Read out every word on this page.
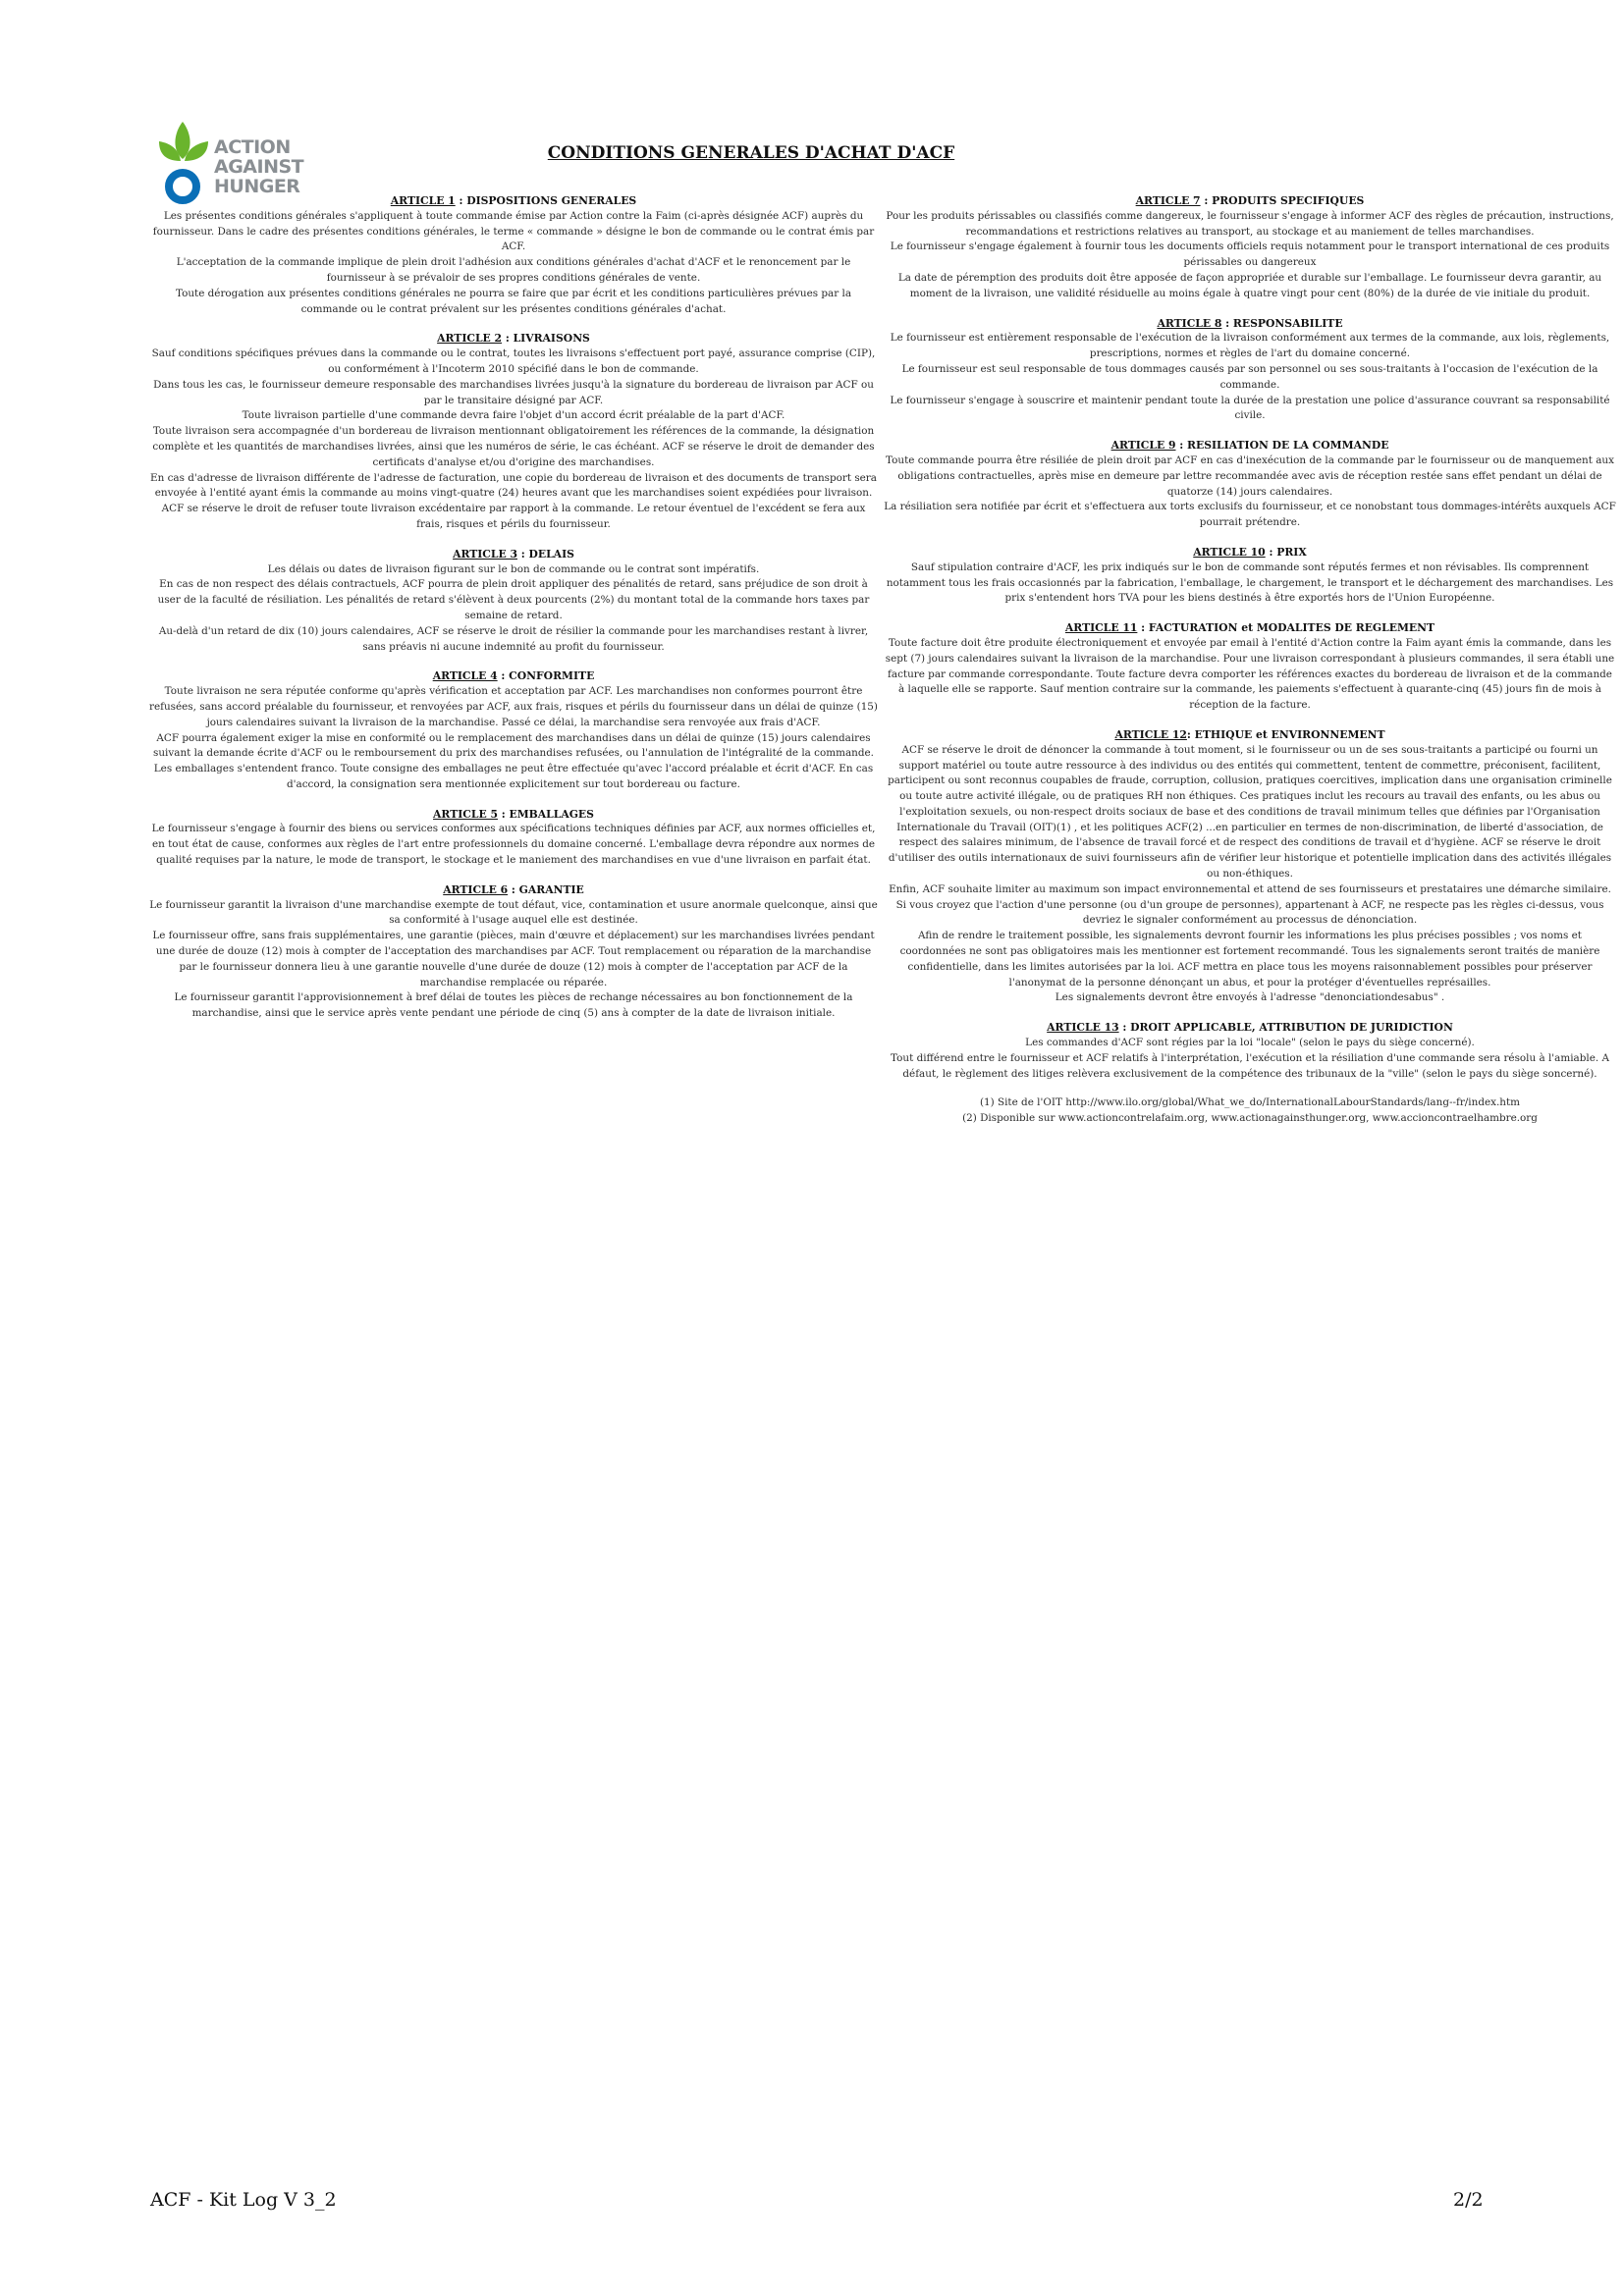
ACTION
AGAINST
HUNGER
CONDITIONS GENERALES D'ACHAT D'ACF
ARTICLE 1 : DISPOSITIONS GENERALES

Les présentes conditions générales s'appliquent à toute commande émise par Action contre la Faim (ci-après désignée ACF) auprès du fournisseur. Dans le cadre des présentes conditions générales, le terme « commande » désigne le bon de commande ou le contrat émis par ACF.

L'acceptation de la commande implique de plein droit l'adhésion aux conditions générales d'achat d'ACF et le renoncement par le fournisseur à se prévaloir de ses propres conditions générales de vente.

Toute dérogation aux présentes conditions générales ne pourra se faire que par écrit et les conditions particulières prévues par la commande ou le contrat prévalent sur les présentes conditions générales d'achat.

ARTICLE 2 : LIVRAISONS

Sauf conditions spécifiques prévues dans la commande ou le contrat, toutes les livraisons s'effectuent port payé, assurance comprise (CIP), ou conformément à l'Incoterm 2010 spécifié dans le bon de commande.

Dans tous les cas, le fournisseur demeure responsable des marchandises livrées jusqu'à la signature du bordereau de livraison par ACF ou par le transitaire désigné par ACF.

Toute livraison partielle d'une commande devra faire l'objet d'un accord écrit préalable de la part d'ACF.

Toute livraison sera accompagnée d'un bordereau de livraison mentionnant obligatoirement les références de la commande, la désignation complète et les quantités de marchandises livrées, ainsi que les numéros de série, le cas échéant. ACF se réserve le droit de demander des certificats d'analyse et/ou d'origine des marchandises.

En cas d'adresse de livraison différente de l'adresse de facturation, une copie du bordereau de livraison et des documents de transport sera envoyée à l'entité ayant émis la commande au moins vingt-quatre (24) heures avant que les marchandises soient expédiées pour livraison.

ACF se réserve le droit de refuser toute livraison excédentaire par rapport à la commande. Le retour éventuel de l'excédent se fera aux frais, risques et périls du fournisseur.

ARTICLE 3 : DELAIS

Les délais ou dates de livraison figurant sur le bon de commande ou le contrat sont impératifs.

En cas de non respect des délais contractuels, ACF pourra de plein droit appliquer des pénalités de retard, sans préjudice de son droit à user de la faculté de résiliation. Les pénalités de retard s'élèvent à deux pourcents (2%) du montant total de la commande hors taxes par semaine de retard.

Au-delà d'un retard de dix (10) jours calendaires, ACF se réserve le droit de résilier la commande pour les marchandises restant à livrer, sans préavis ni aucune indemnité au profit du fournisseur.

ARTICLE 4 : CONFORMITE

Toute livraison ne sera réputée conforme qu'après vérification et acceptation par ACF. Les marchandises non conformes pourront être refusées, sans accord préalable du fournisseur, et renvoyées par ACF, aux frais, risques et périls du fournisseur dans un délai de quinze (15) jours calendaires suivant la livraison de la marchandise. Passé ce délai, la marchandise sera renvoyée aux frais d'ACF.

ACF pourra également exiger la mise en conformité ou le remplacement des marchandises dans un délai de quinze (15) jours calendaires suivant la demande écrite d'ACF ou le remboursement du prix des marchandises refusées, ou l'annulation de l'intégralité de la commande.

Les emballages s'entendent franco. Toute consigne des emballages ne peut être effectuée qu'avec l'accord préalable et écrit d'ACF. En cas d'accord, la consignation sera mentionnée explicitement sur tout bordereau ou facture.

ARTICLE 5 : EMBALLAGES

Le fournisseur s'engage à fournir des biens ou services conformes aux spécifications techniques définies par ACF, aux normes officielles et, en tout état de cause, conformes aux règles de l'art entre professionnels du domaine concerné. L'emballage devra répondre aux normes de qualité requises par la nature, le mode de transport, le stockage et le maniement des marchandises en vue d'une livraison en parfait état.

ARTICLE 6 : GARANTIE

Le fournisseur garantit la livraison d'une marchandise exempte de tout défaut, vice, contamination et usure anormale quelconque, ainsi que sa conformité à l'usage auquel elle est destinée.

Le fournisseur offre, sans frais supplémentaires, une garantie (pièces, main d'œuvre et déplacement) sur les marchandises livrées pendant une durée de douze (12) mois à compter de l'acceptation des marchandises par ACF. Tout remplacement ou réparation de la marchandise par le fournisseur donnera lieu à une garantie nouvelle d'une durée de douze (12) mois à compter de l'acceptation par ACF de la marchandise remplacée ou réparée.

Le fournisseur garantit l'approvisionnement à bref délai de toutes les pièces de rechange nécessaires au bon fonctionnement de la marchandise, ainsi que le service après vente pendant une période de cinq (5) ans à compter de la date de livraison initiale.

ARTICLE 7 : PRODUITS SPECIFIQUES

Pour les produits périssables ou classifiés comme dangereux, le fournisseur s'engage à informer ACF des règles de précaution, instructions, recommandations et restrictions relatives au transport, au stockage et au maniement de telles marchandises.

Le fournisseur s'engage également à fournir tous les documents officiels requis notamment pour le transport international de ces produits périssables ou dangereux

La date de péremption des produits doit être apposée de façon appropriée et durable sur l'emballage. Le fournisseur devra garantir, au moment de la livraison, une validité résiduelle au moins égale à quatre vingt pour cent (80%) de la durée de vie initiale du produit.

ARTICLE 8 : RESPONSABILITE

Le fournisseur est entièrement responsable de l'exécution de la livraison conformément aux termes de la commande, aux lois, règlements, prescriptions, normes et règles de l'art du domaine concerné.

Le fournisseur est seul responsable de tous dommages causés par son personnel ou ses sous-traitants à l'occasion de l'exécution de la commande.

Le fournisseur s'engage à souscrire et maintenir pendant toute la durée de la prestation une police d'assurance couvrant sa responsabilité civile.

ARTICLE 9 : RESILIATION DE LA COMMANDE

Toute commande pourra être résiliée de plein droit par ACF en cas d'inexécution de la commande par le fournisseur ou de manquement aux obligations contractuelles, après mise en demeure par lettre recommandée avec avis de réception restée sans effet pendant un délai de quatorze (14) jours calendaires.

La résiliation sera notifiée par écrit et s'effectuera aux torts exclusifs du fournisseur, et ce nonobstant tous dommages-intérêts auxquels ACF pourrait prétendre.

ARTICLE 10 : PRIX

Sauf stipulation contraire d'ACF, les prix indiqués sur le bon de commande sont réputés fermes et non révisables. Ils comprennent notamment tous les frais occasionnés par la fabrication, l'emballage, le chargement, le transport et le déchargement des marchandises. Les prix s'entendent hors TVA pour les biens destinés à être exportés hors de l'Union Européenne.

ARTICLE 11 : FACTURATION et MODALITES DE REGLEMENT

Toute facture doit être produite électroniquement et envoyée par email à l'entité d'Action contre la Faim ayant émis la commande, dans les sept (7) jours calendaires suivant la livraison de la marchandise. Pour une livraison correspondant à plusieurs commandes, il sera établi une facture par commande correspondante. Toute facture devra comporter les références exactes du bordereau de livraison et de la commande à laquelle elle se rapporte. Sauf mention contraire sur la commande, les paiements s'effectuent à quarante-cinq (45) jours fin de mois à réception de la facture.

ARTICLE 12: ETHIQUE et ENVIRONNEMENT

ACF se réserve le droit de dénoncer la commande à tout moment, si le fournisseur ou un de ses sous-traitants a participé ou fourni un support matériel ou toute autre ressource à des individus ou des entités qui commettent, tentent de commettre, préconisent, facilitent, participent ou sont reconnus coupables de fraude, corruption, collusion, pratiques coercitives, implication dans une organisation criminelle ou toute autre activité illégale, ou de pratiques RH non éthiques. Ces pratiques inclut les recours au travail des enfants, ou les abus ou l'exploitation sexuels, ou non-respect droits sociaux de base et des conditions de travail minimum telles que définies par l'Organisation Internationale du Travail (OIT)(1) , et les politiques ACF(2) ...en particulier en termes de non-discrimination, de liberté d'association, de respect des salaires minimum, de l'absence de travail forcé et de respect des conditions de travail et d'hygiène. ACF se réserve le droit d'utiliser des outils internationaux de suivi fournisseurs afin de vérifier leur historique et potentielle implication dans des activités illégales ou non-éthiques.

Enfin, ACF souhaite limiter au maximum son impact environnemental et attend de ses fournisseurs et prestataires une démarche similaire.

Si vous croyez que l'action d'une personne (ou d'un groupe de personnes), appartenant à ACF, ne respecte pas les règles ci-dessus, vous devriez le signaler conformément au processus de dénonciation.

Afin de rendre le traitement possible, les signalements devront fournir les informations les plus précises possibles ; vos noms et coordonnées ne sont pas obligatoires mais les mentionner est fortement recommandé. Tous les signalements seront traités de manière confidentielle, dans les limites autorisées par la loi. ACF mettra en place tous les moyens raisonnablement possibles pour préserver l'anonymat de la personne dénonçant un abus, et pour la protéger d'éventuelles représailles.

Les signalements devront être envoyés à l'adresse "denonciationdesabus" .

ARTICLE 13 : DROIT APPLICABLE, ATTRIBUTION DE JURIDICTION

Les commandes d'ACF sont régies par la loi "locale" (selon le pays du siège concerné).

Tout différend entre le fournisseur et ACF relatifs à l'interprétation, l'exécution et la résiliation d'une commande sera résolu à l'amiable. A défaut, le règlement des litiges relèvera exclusivement de la compétence des tribunaux de la "ville" (selon le pays du siège soncerné).

(1) Site de l'OIT http://www.ilo.org/global/What_we_do/InternationalLabourStandards/lang--fr/index.htm

(2) Disponible sur www.actioncontrelafaim.org, www.actionagainsthunger.org, www.accioncontraelhambre.org

ACF - Kit Log V 3_2	2/2
